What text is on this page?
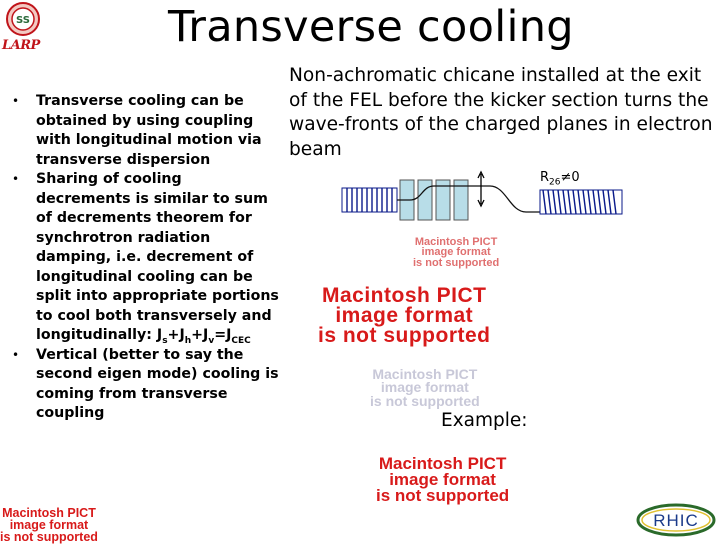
SS
LARP	Transverse cooling
• Transverse cooling can be obtained by using coupling with longitudinal motion via transverse dispersion
• Sharing of cooling decrements is similar to sum of decrements theorem for synchrotron radiation damping, i.e. decrement of longitudinal cooling can be split into appropriate portions to cool both transversely and longitudinally: $J_s+J_h+J_v=J_{CEC}$
• Vertical (better to say the second eigen mode) cooling is coming from transverse coupling
Non-achromatic chicane installed at the exit of the FEL before the kicker section turns the wave-fronts of the charged planes in electron beam
$R_{26}\ne 0$
Macintosh PICT
image format
is not supported
Macintosh PICT
image format
is not supported
Macintosh PICT
image format
is not supported
Example:
Macintosh PICT
image format
is not supported
Macintosh PICT
image format
is not supported
RHIC
